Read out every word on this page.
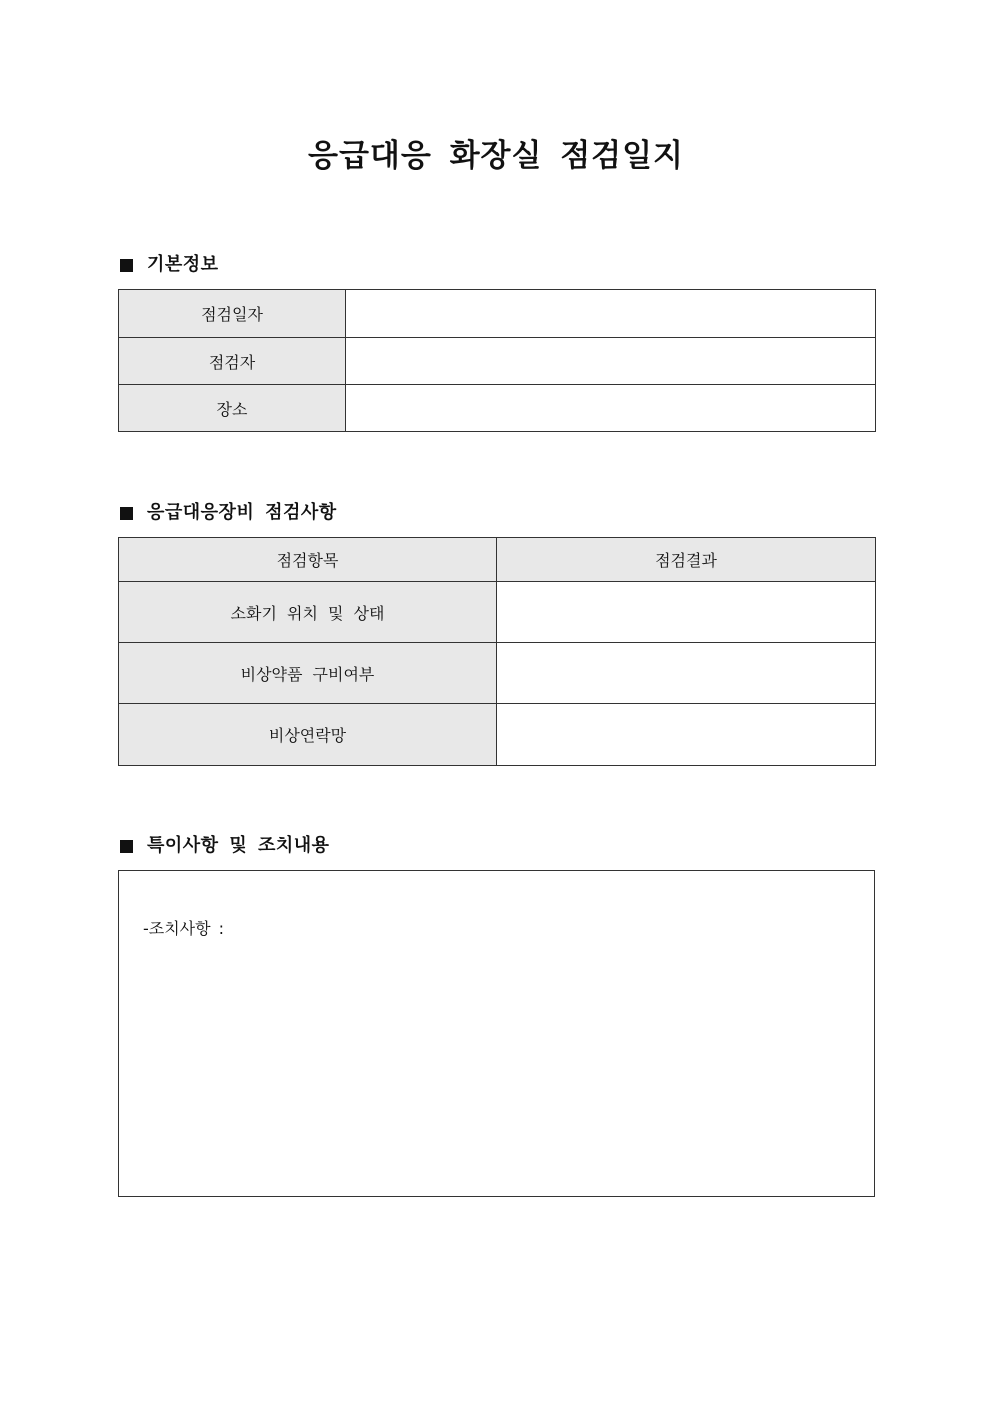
응급대응 화장실 점검일지
기본정보
점검일자	
점검자	
장소	
응급대응장비 점검사항
점검항목	점검결과
소화기 위치 및 상태	
비상약품 구비여부	
비상연락망	
특이사항 및 조치내용
-조치사항 :
